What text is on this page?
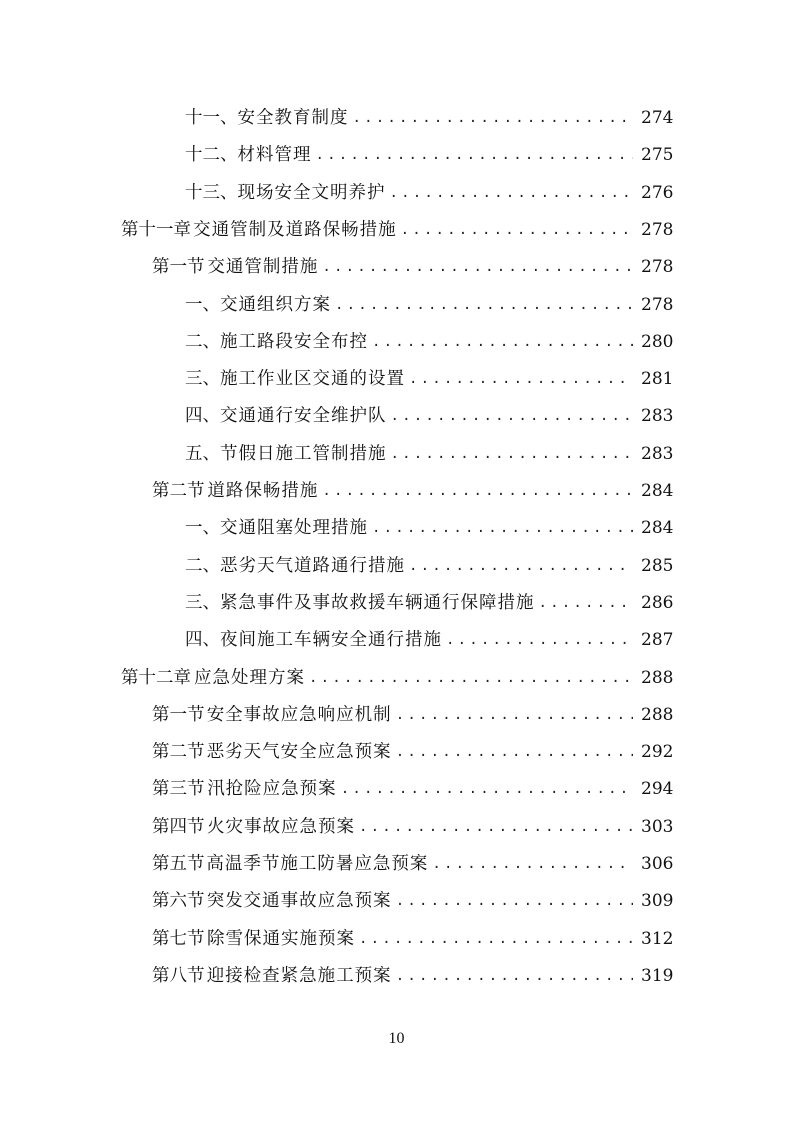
十一、 安全教育制度 .....	274
十二、 材料管理 .....	275
十三、 现场安全文明养护 .....	276
第十一章 交通管制及道路保畅措施 .....	278
第一节 交通管制措施 .....	278
一、 交通组织方案 .....	278
二、 施工路段安全布控 .....	280
三、 施工作业区交通的设置 .....	281
四、 交通通行安全维护队 .....	283
五、 节假日施工管制措施 .....	283
第二节 道路保畅措施 .....	284
一、 交通阻塞处理措施 .....	284
二、 恶劣天气道路通行措施 .....	285
三、 紧急事件及事故救援车辆通行保障措施 .....	286
四、 夜间施工车辆安全通行措施 .....	287
第十二章 应急处理方案 .....	288
第一节 安全事故应急响应机制 .....	288
第二节 恶劣天气安全应急预案 .....	292
第三节 汛抢险应急预案 .....	294
第四节 火灾事故应急预案 .....	303
第五节 高温季节施工防暑应急预案 .....	306
第六节 突发交通事故应急预案 .....	309
第七节 除雪保通实施预案 .....	312
第八节 迎接检查紧急施工预案 .....	319
10
